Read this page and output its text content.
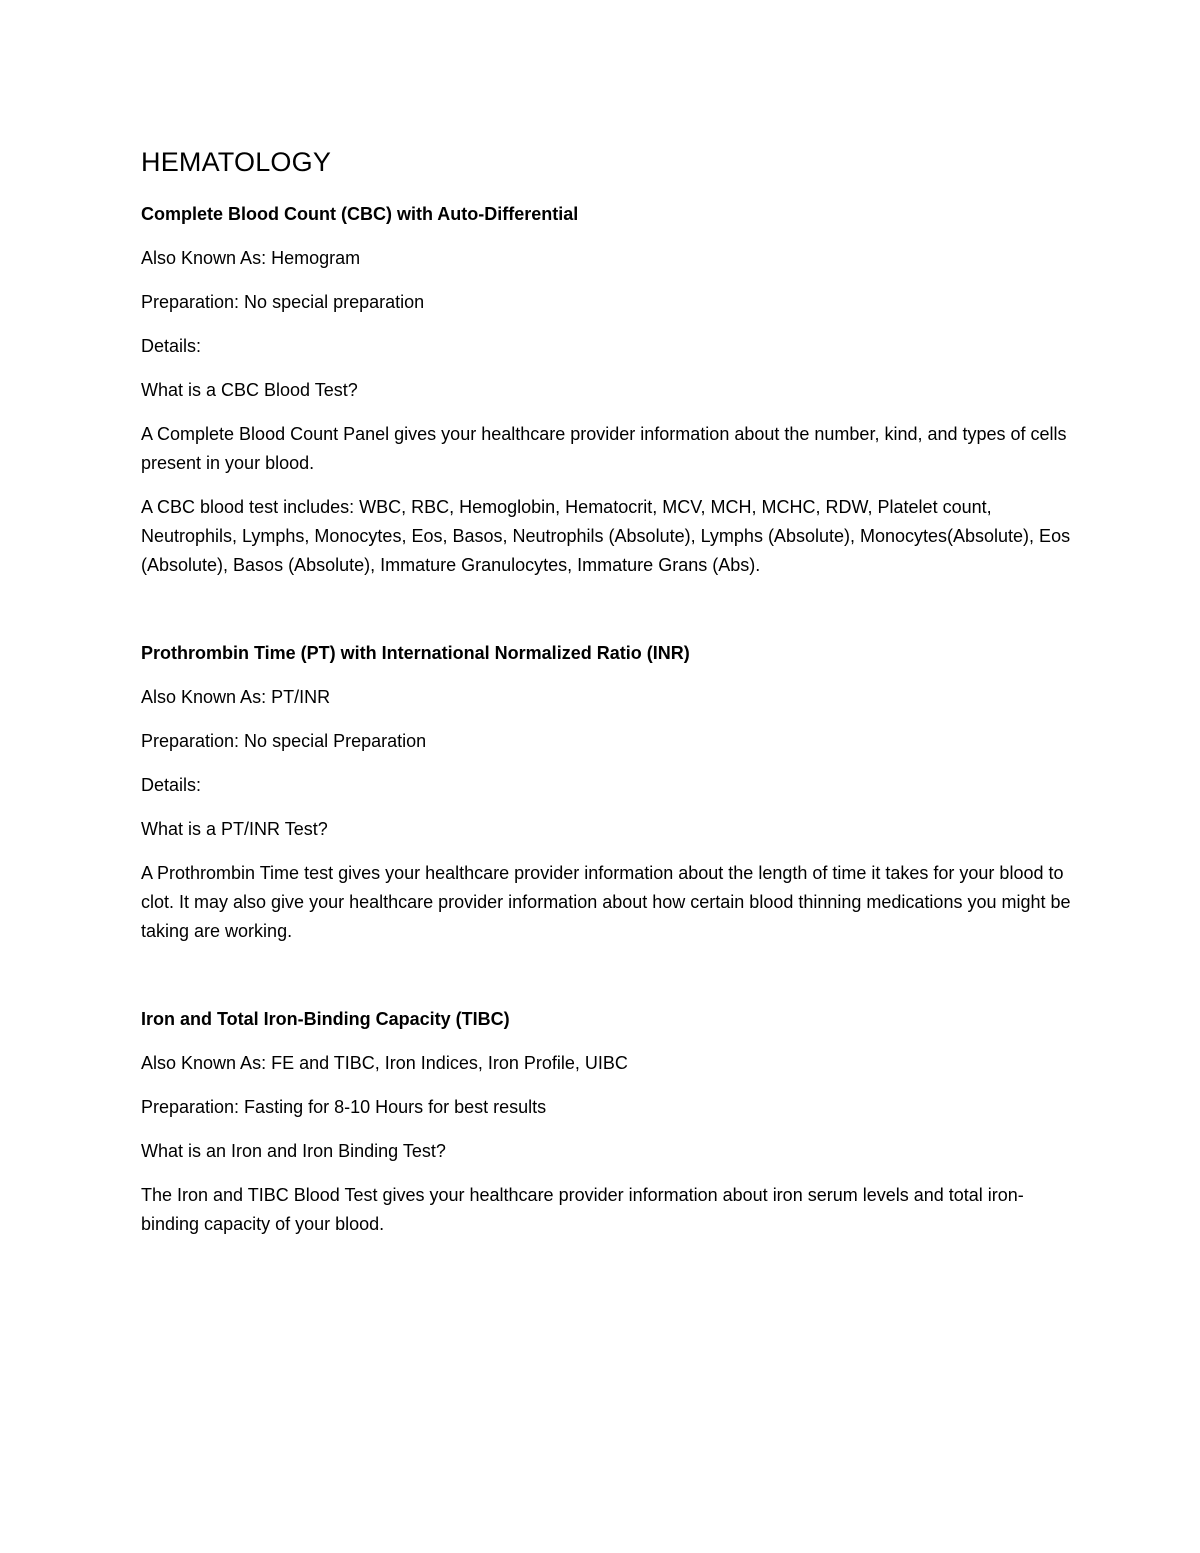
HEMATOLOGY

Complete Blood Count (CBC) with Auto-Differential

Also Known As: Hemogram

Preparation: No special preparation

Details:

What is a CBC Blood Test?

A Complete Blood Count Panel gives your healthcare provider information about the number, kind, and types of cells present in your blood.

A CBC blood test includes: WBC, RBC, Hemoglobin, Hematocrit, MCV, MCH, MCHC, RDW, Platelet count, Neutrophils, Lymphs, Monocytes, Eos, Basos, Neutrophils (Absolute), Lymphs (Absolute), Monocytes(Absolute), Eos (Absolute), Basos (Absolute), Immature Granulocytes, Immature Grans (Abs).

Prothrombin Time (PT) with International Normalized Ratio (INR)

Also Known As: PT/INR

Preparation: No special Preparation

Details:

What is a PT/INR Test?

A Prothrombin Time test gives your healthcare provider information about the length of time it takes for your blood to clot. It may also give your healthcare provider information about how certain blood thinning medications you might be taking are working.

Iron and Total Iron-Binding Capacity (TIBC)

Also Known As: FE and TIBC, Iron Indices, Iron Profile, UIBC

Preparation: Fasting for 8-10 Hours for best results

What is an Iron and Iron Binding Test?

The Iron and TIBC Blood Test gives your healthcare provider information about iron serum levels and total iron-binding capacity of your blood.
